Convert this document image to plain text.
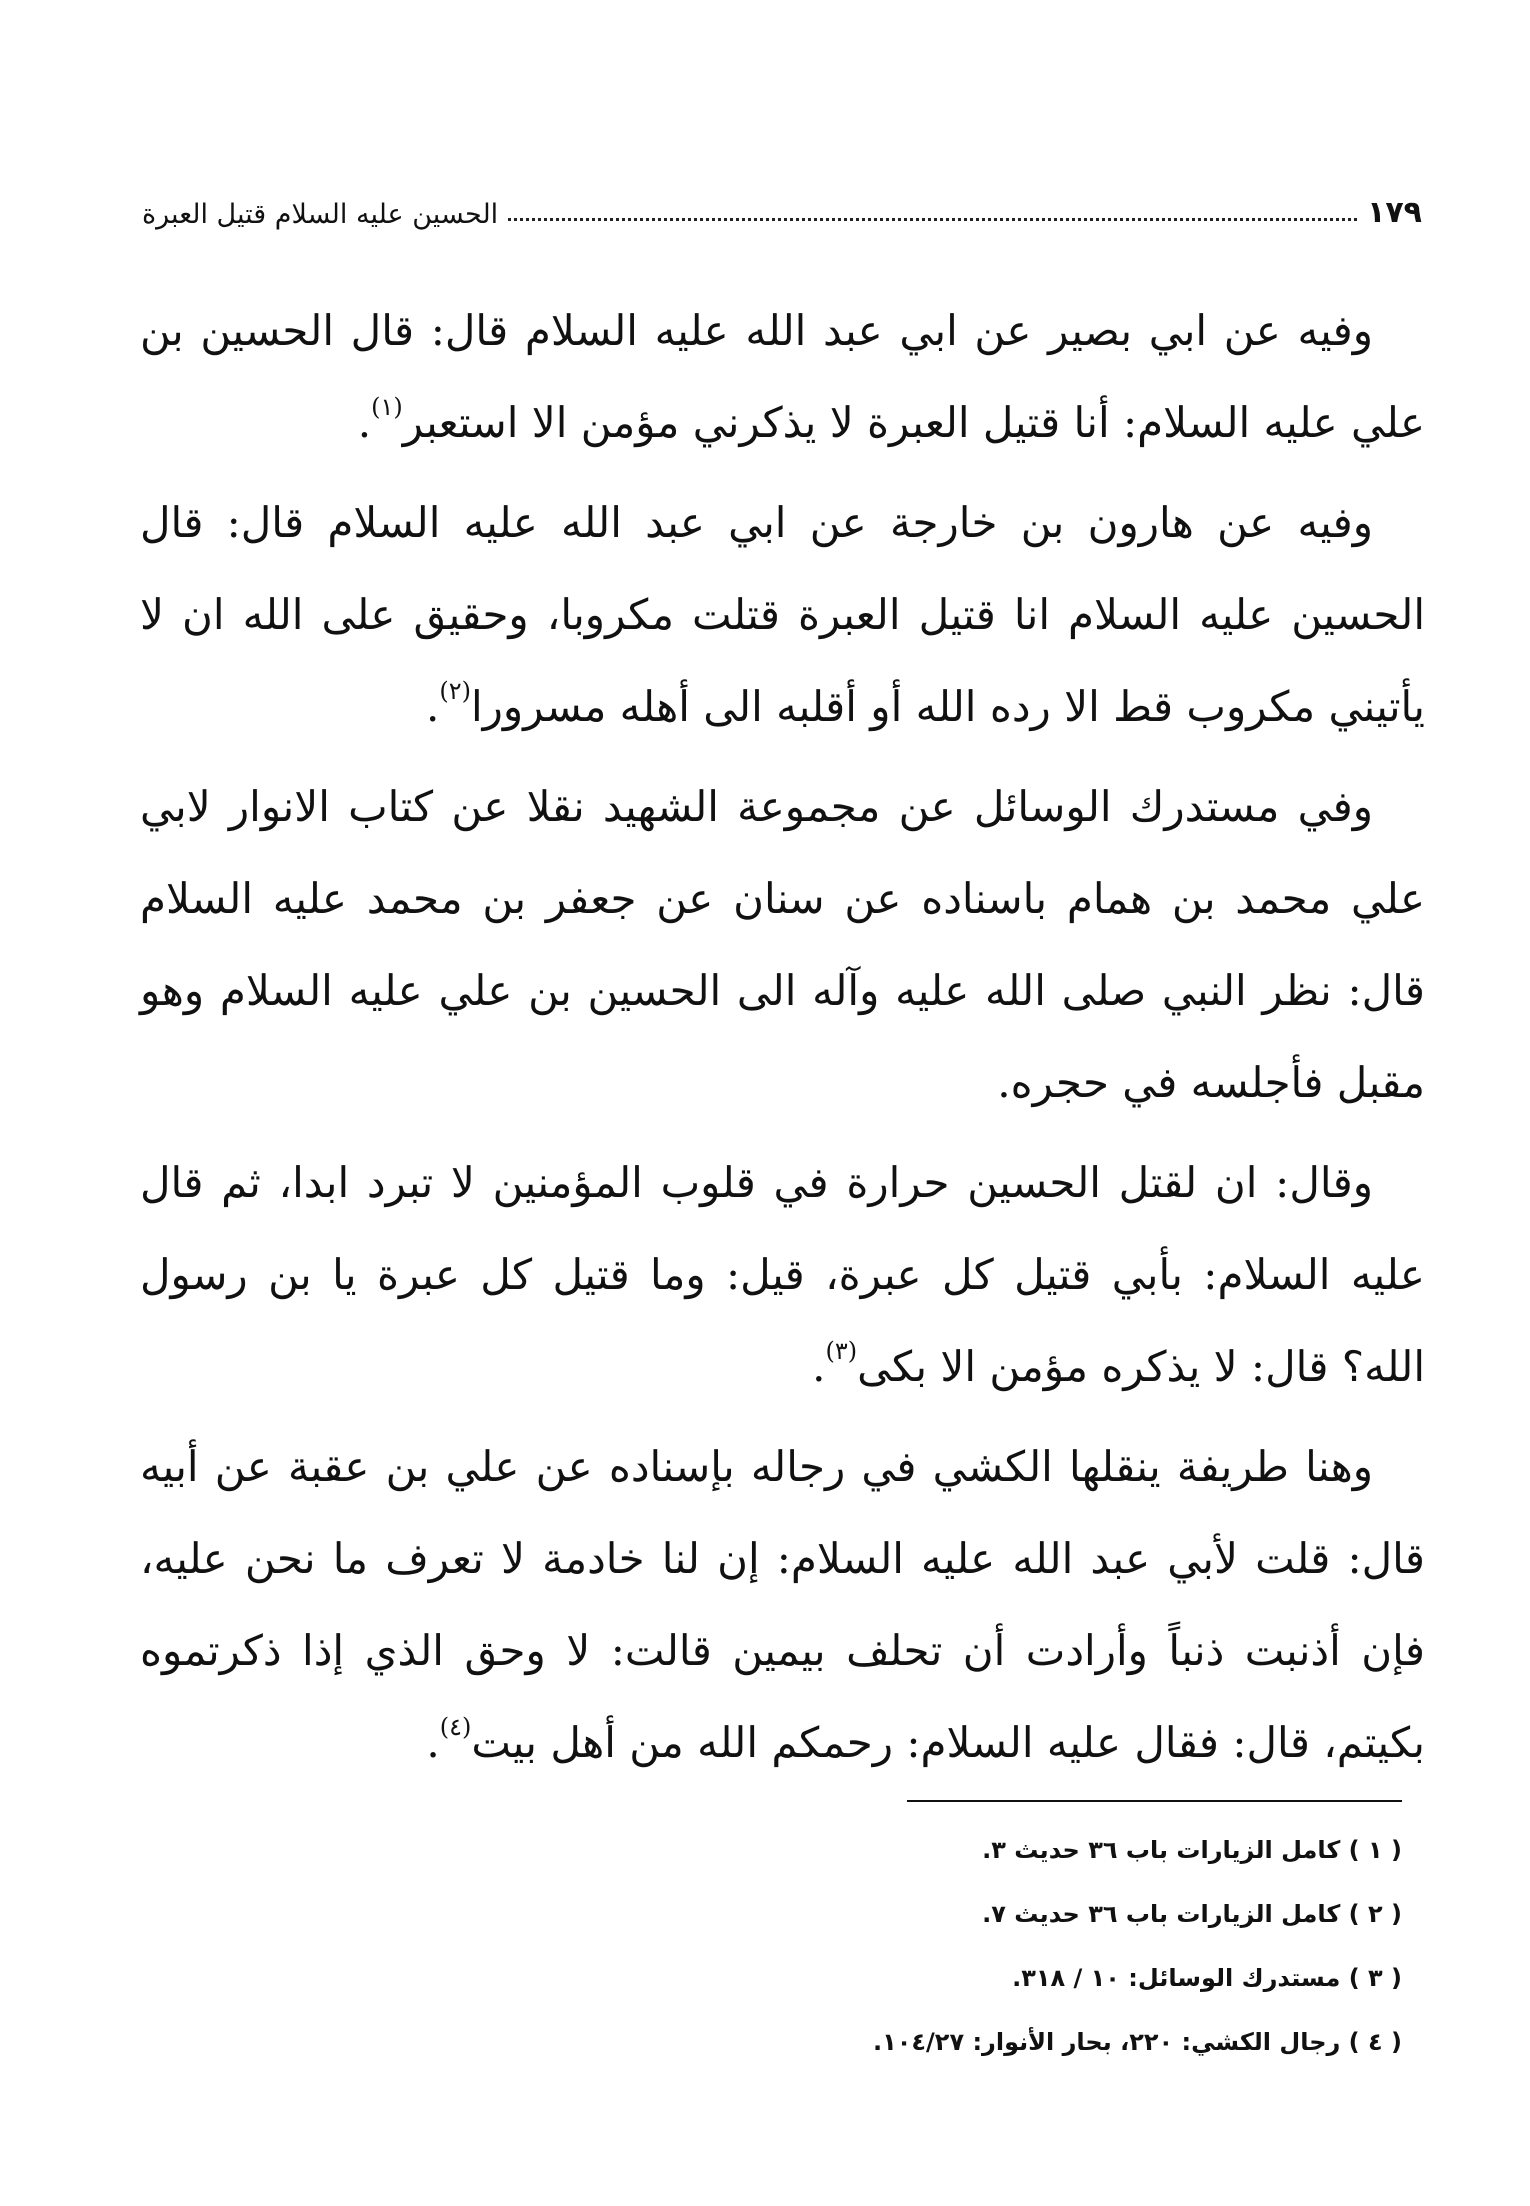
الحسين عليه السلام قتيل العبرة	١٧٩

وفيه عن ابي بصير عن ابي عبد الله عليه السلام قال: قال الحسين بن علي عليه السلام: أنا قتيل العبرة لا يذكرني مؤمن الا استعبر$^{(١)}$.

وفيه عن هارون بن خارجة عن ابي عبد الله عليه السلام قال: قال الحسين عليه السلام انا قتيل العبرة قتلت مكروبا، وحقيق على الله ان لا يأتيني مكروب قط الا رده الله أو أقلبه الى أهله مسرورا$^{(٢)}$.

وفي مستدرك الوسائل عن مجموعة الشهيد نقلا عن كتاب الانوار لابي علي محمد بن همام باسناده عن سنان عن جعفر بن محمد عليه السلام قال: نظر النبي صلى الله عليه وآله الى الحسين بن علي عليه السلام وهو مقبل فأجلسه في حجره.

وقال: ان لقتل الحسين حرارة في قلوب المؤمنين لا تبرد ابدا، ثم قال عليه السلام: بأبي قتيل كل عبرة، قيل: وما قتيل كل عبرة يا بن رسول الله؟ قال: لا يذكره مؤمن الا بكى$^{(٣)}$.

وهنا طريفة ينقلها الكشي في رجاله بإسناده عن علي بن عقبة عن أبيه قال: قلت لأبي عبد الله عليه السلام: إن لنا خادمة لا تعرف ما نحن عليه، فإن أذنبت ذنباً وأرادت أن تحلف بيمين قالت: لا وحق الذي إذا ذكرتموه بكيتم، قال: فقال عليه السلام: رحمكم الله من أهل بيت$^{(٤)}$.

( ١ ) كامل الزيارات باب ٣٦ حديث ٣.
( ٢ ) كامل الزيارات باب ٣٦ حديث ٧.
( ٣ ) مستدرك الوسائل: ١٠ / ٣١٨.
( ٤ ) رجال الكشي: ٢٢٠، بحار الأنوار: ١٠٤/٢٧.
